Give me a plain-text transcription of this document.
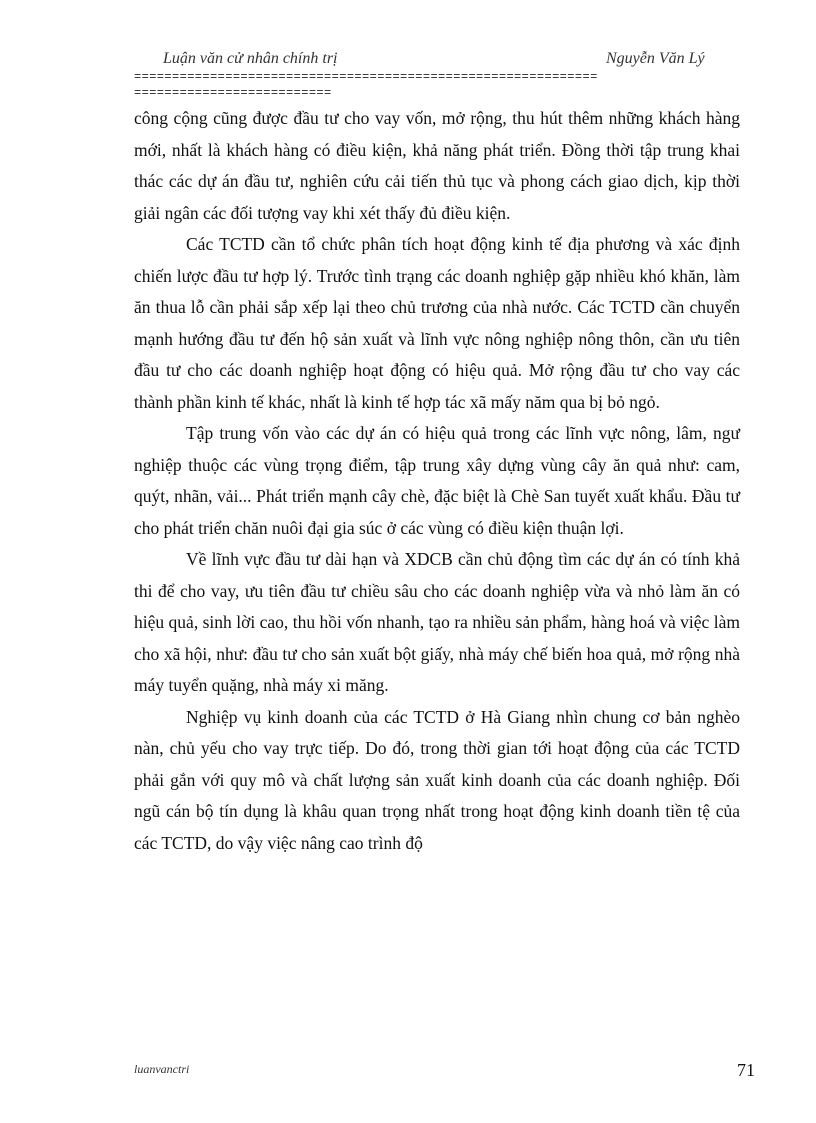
Luận văn cử nhân chính trị	Nguyễn Văn Lý
=============================================================
==========================

công cộng cũng được đầu tư cho vay vốn, mở rộng, thu hút thêm những khách hàng mới, nhất là khách hàng có điều kiện, khả năng phát triển. Đồng thời tập trung khai thác các dự án đầu tư, nghiên cứu cải tiến thủ tục và phong cách giao dịch, kịp thời giải ngân các đối tượng vay khi xét thấy đủ điều kiện.

Các TCTD cần tổ chức phân tích hoạt động kinh tế địa phương và xác định chiến lược đầu tư hợp lý. Trước tình trạng các doanh nghiệp gặp nhiều khó khăn, làm ăn thua lỗ cần phải sắp xếp lại theo chủ trương của nhà nước. Các TCTD cần chuyển mạnh hướng đầu tư đến hộ sản xuất và lĩnh vực nông nghiệp nông thôn, cần ưu tiên đầu tư cho các doanh nghiệp hoạt động có hiệu quả. Mở rộng đầu tư cho vay các thành phần kinh tế khác, nhất là kinh tế hợp tác xã mấy năm qua bị bỏ ngỏ.

Tập trung vốn vào các dự án có hiệu quả trong các lĩnh vực nông, lâm, ngư nghiệp thuộc các vùng trọng điểm, tập trung xây dựng vùng cây ăn quả như: cam, quýt, nhãn, vải... Phát triển mạnh cây chè, đặc biệt là Chè San tuyết xuất khẩu. Đầu tư cho phát triển chăn nuôi đại gia súc ở các vùng có điều kiện thuận lợi.

Về lĩnh vực đầu tư dài hạn và XDCB cần chủ động tìm các dự án có tính khả thi để cho vay, ưu tiên đầu tư chiều sâu cho các doanh nghiệp vừa và nhỏ làm ăn có hiệu quả, sinh lời cao, thu hồi vốn nhanh, tạo ra nhiều sản phẩm, hàng hoá và việc làm cho xã hội, như: đầu tư cho sản xuất bột giấy, nhà máy chế biến hoa quả, mở rộng nhà máy tuyển quặng, nhà máy xi măng.

Nghiệp vụ kinh doanh của các TCTD ở Hà Giang nhìn chung cơ bản nghèo nàn, chủ yếu cho vay trực tiếp. Do đó, trong thời gian tới hoạt động của các TCTD phải gắn với quy mô và chất lượng sản xuất kinh doanh của các doanh nghiệp. Đối ngũ cán bộ tín dụng là khâu quan trọng nhất trong hoạt động kinh doanh tiền tệ của các TCTD, do vậy việc nâng cao trình độ

luanvanctri	71
